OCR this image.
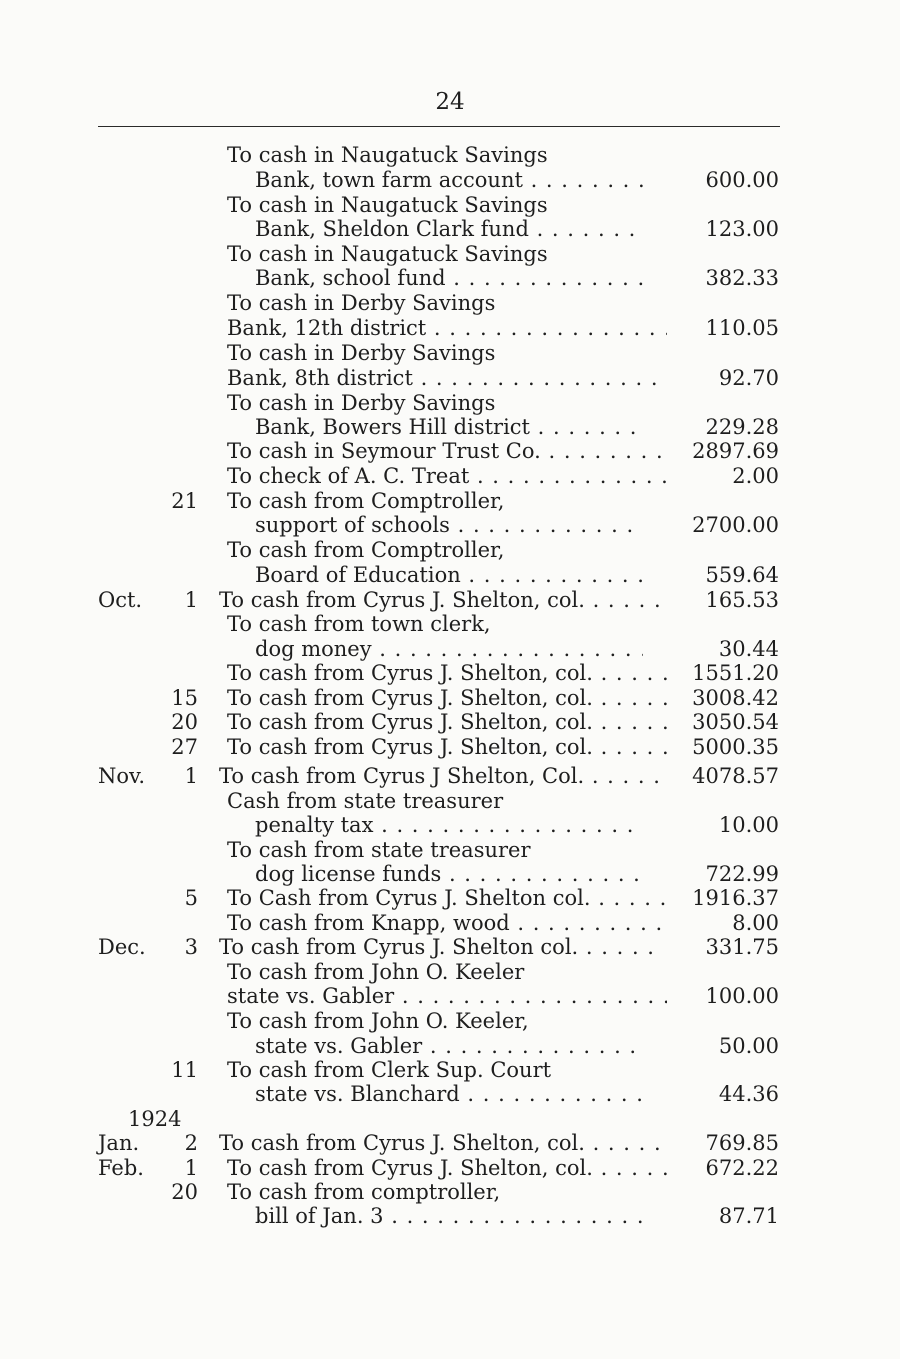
24
To cash in Naugatuck Savings
Bank, town farm account . . .	600.00
To cash in Naugatuck Savings
Bank, Sheldon Clark fund . . .	123.00
To cash in Naugatuck Savings
Bank, school fund . . .	382.33
To cash in Derby Savings
Bank, 12th district . . .	110.05
To cash in Derby Savings
Bank, 8th district . . .	92.70
To cash in Derby Savings
Bank, Bowers Hill district . . .	229.28
To cash in Seymour Trust Co. . . .	2897.69
To check of A. C. Treat . . .	2.00
21 To cash from Comptroller,
support of schools . . .	2700.00
To cash from Comptroller,
Board of Education . . .	559.64
Oct.	1 To cash from Cyrus J. Shelton, col. . . .	165.53
To cash from town clerk,
dog money . . .	30.44
To cash from Cyrus J. Shelton, col. . . .	1551.20
15 To cash from Cyrus J. Shelton, col. . . .	3008.42
20 To cash from Cyrus J. Shelton, col. . . .	3050.54
27 To cash from Cyrus J. Shelton, col. . . .	5000.35
Nov.	1 To cash from Cyrus J Shelton, Col. . . .	4078.57
Cash from state treasurer
penalty tax . . .	10.00
To cash from state treasurer
dog license funds . . .	722.99
5 To Cash from Cyrus J. Shelton col. . . .	1916.37
To cash from Knapp, wood . . .	8.00
Dec.	3 To cash from Cyrus J. Shelton col. . . .	331.75
To cash from John O. Keeler
state vs. Gabler . . .	100.00
To cash from John O. Keeler,
state vs. Gabler . . .	50.00
11 To cash from Clerk Sup. Court
state vs. Blanchard . . .	44.36
1924
Jan.	2 To cash from Cyrus J. Shelton, col. . . .	769.85
Feb.	1 To cash from Cyrus J. Shelton, col. . . .	672.22
20 To cash from comptroller,
bill of Jan. 3 . . .	87.71
